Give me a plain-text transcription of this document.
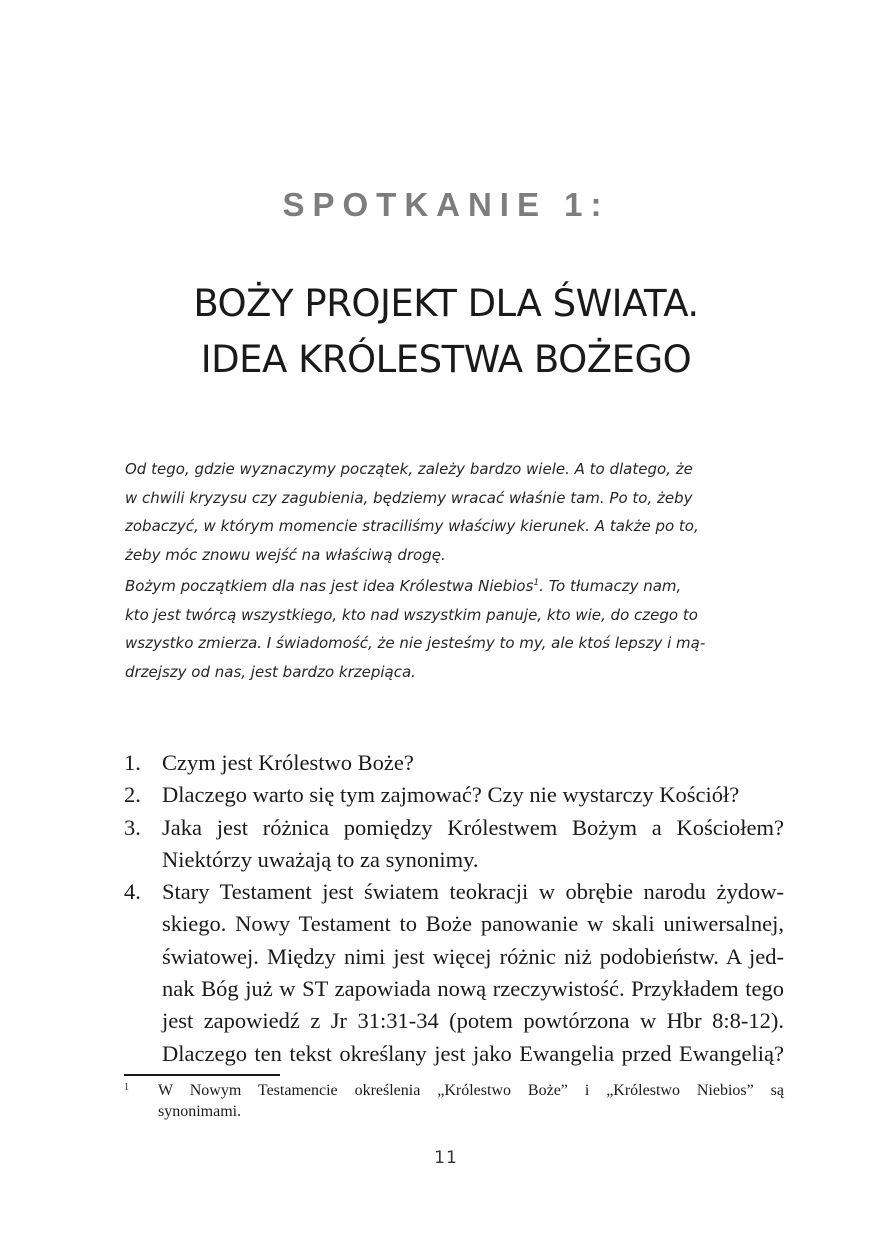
SPOTKANIE 1:
BOŻY PROJEKT DLA ŚWIATA.
IDEA KRÓLESTWA BOŻEGO
Od tego, gdzie wyznaczymy początek, zależy bardzo wiele. A to dlatego, że
w chwili kryzysu czy zagubienia, będziemy wracać właśnie tam. Po to, żeby
zobaczyć, w którym momencie straciliśmy właściwy kierunek. A także po to,
żeby móc znowu wejść na właściwą drogę.
Bożym początkiem dla nas jest idea Królestwa Niebios$^1$. To tłumaczy nam,
kto jest twórcą wszystkiego, kto nad wszystkim panuje, kto wie, do czego to
wszystko zmierza. I świadomość, że nie jesteśmy to my, ale ktoś lepszy i mą-
drzejszy od nas, jest bardzo krzepiąca.
1. Czym jest Królestwo Boże?
2. Dlaczego warto się tym zajmować? Czy nie wystarczy Kościół?
3. Jaka jest różnica pomiędzy Królestwem Bożym a Kościołem?
Niektórzy uważają to za synonimy.
4. Stary Testament jest światem teokracji w obrębie narodu żydow-
skiego. Nowy Testament to Boże panowanie w skali uniwersalnej,
światowej. Między nimi jest więcej różnic niż podobieństw. A jed-
nak Bóg już w ST zapowiada nową rzeczywistość. Przykładem tego
jest zapowiedź z Jr 31:31-34 (potem powtórzona w Hbr 8:8-12).
Dlaczego ten tekst określany jest jako Ewangelia przed Ewangelią?
1	W Nowym Testamencie określenia „Królestwo Boże” i „Królestwo Niebios” są
synonimami.
11
